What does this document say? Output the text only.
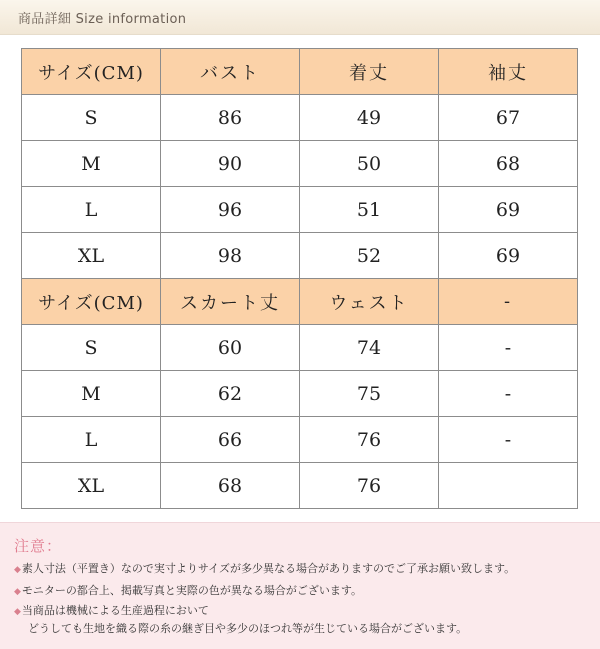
商品詳細 Size information
サイズ(CM)	バスト	着丈	袖丈
S	86	49	67
M	90	50	68
L	96	51	69
XL	98	52	69
サイズ(CM)	スカート丈	ウェスト	-
S	60	74	-
M	62	75	-
L	66	76	-
XL	68	76	
注意：
◆素人寸法（平置き）なので実寸よりサイズが多少異なる場合がありますのでご了承お願い致します。
◆モニターの都合上、掲載写真と実際の色が異なる場合がございます。
◆当商品は機械による生産過程において
どうしても生地を織る際の糸の継ぎ目や多少のほつれ等が生じている場合がございます。
